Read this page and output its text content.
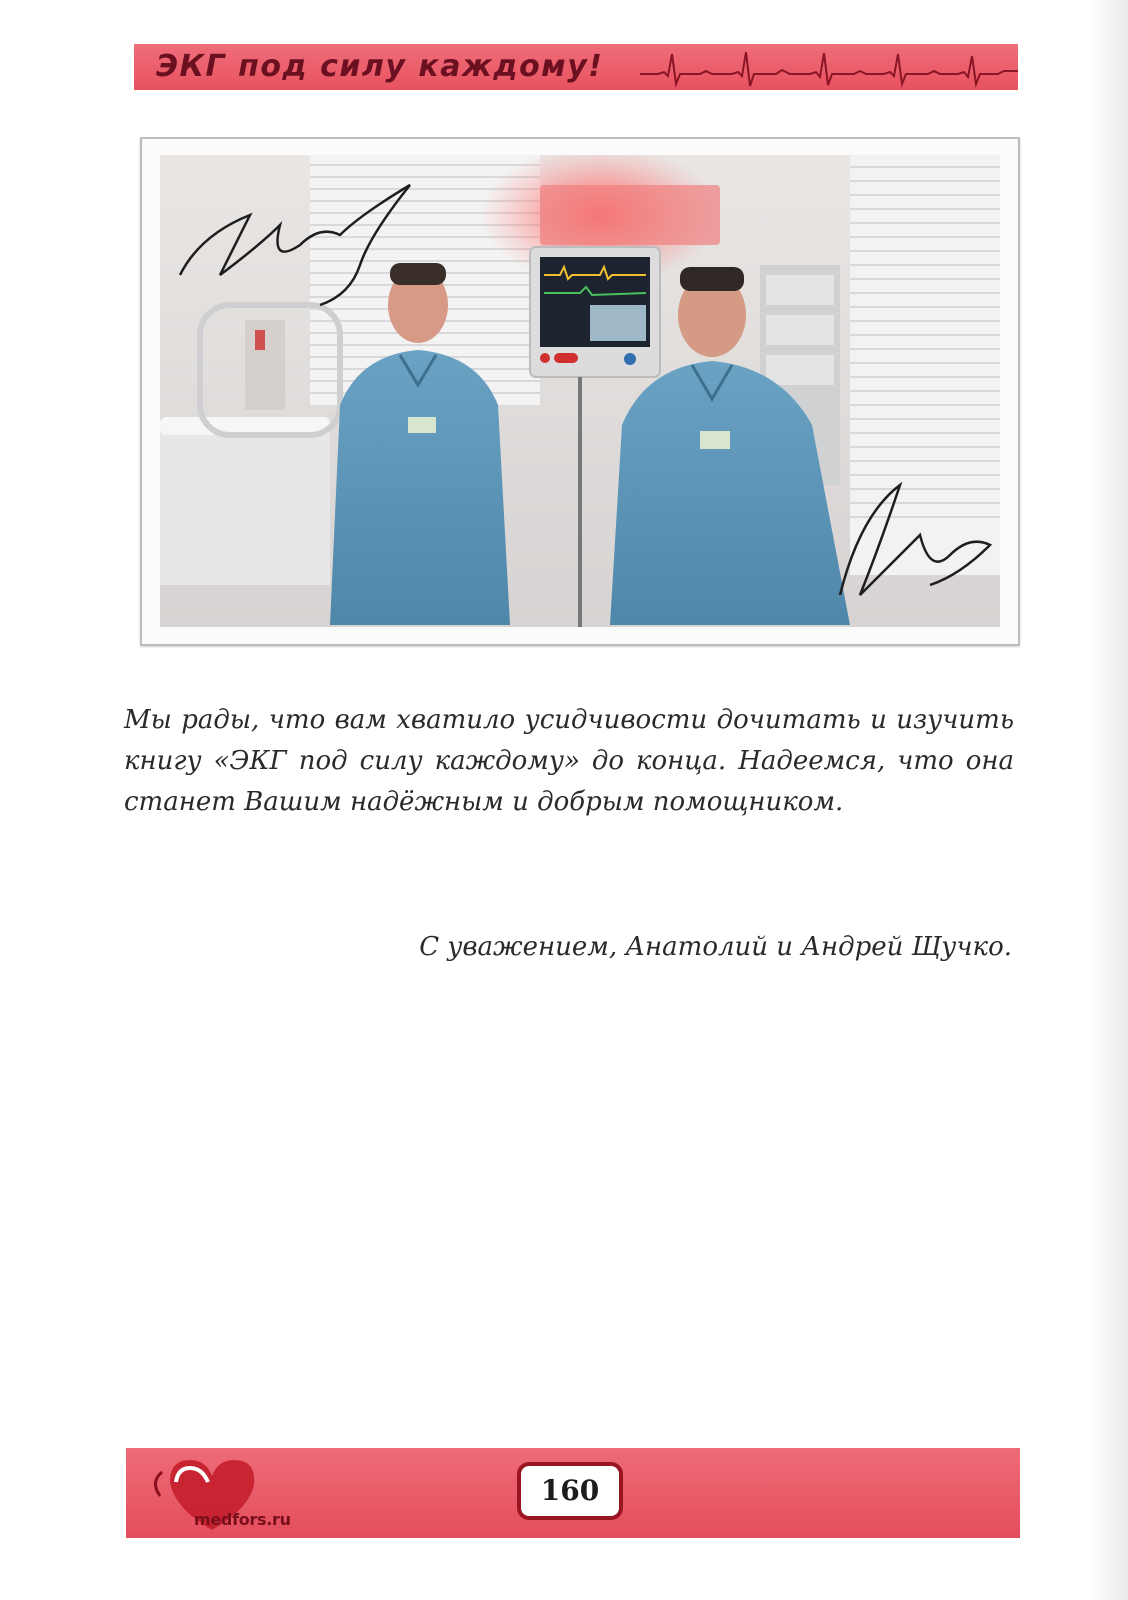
ЭКГ под силу каждому!
Мы рады, что вам хватило усидчивости дочитать и изучить книгу «ЭКГ под силу каждому» до конца. Надеемся, что она станет Вашим надёжным и добрым помощником.
С уважением, Анатолий и Андрей Щучко.
medfors.ru
160
